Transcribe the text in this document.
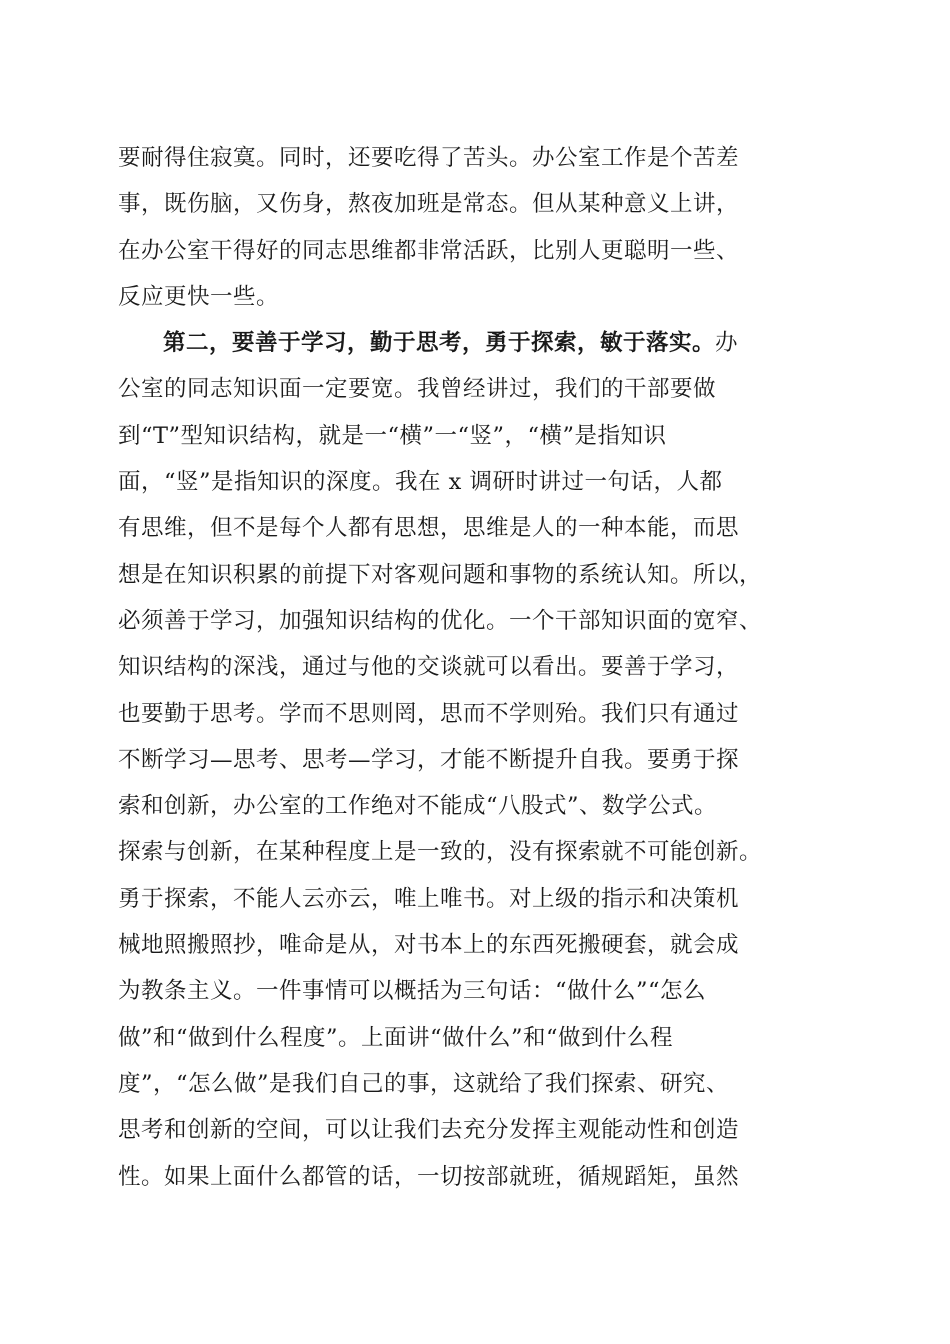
要耐得住寂寞。同时，还要吃得了苦头。办公室工作是个苦差
事，既伤脑，又伤身，熬夜加班是常态。但从某种意义上讲，
在办公室干得好的同志思维都非常活跃，比别人更聪明一些、
反应更快一些。
第二，要善于学习，勤于思考，勇于探索，敏于落实。办
公室的同志知识面一定要宽。我曾经讲过，我们的干部要做
到“T”型知识结构，就是一“横”一“竖”，“横”是指知识
面，“竖”是指知识的深度。我在 x 调研时讲过一句话，人都
有思维，但不是每个人都有思想，思维是人的一种本能，而思
想是在知识积累的前提下对客观问题和事物的系统认知。所以，
必须善于学习，加强知识结构的优化。一个干部知识面的宽窄、
知识结构的深浅，通过与他的交谈就可以看出。要善于学习，
也要勤于思考。学而不思则罔，思而不学则殆。我们只有通过
不断学习—思考、思考—学习，才能不断提升自我。要勇于探
索和创新，办公室的工作绝对不能成“八股式”、数学公式。
探索与创新，在某种程度上是一致的，没有探索就不可能创新。
勇于探索，不能人云亦云，唯上唯书。对上级的指示和决策机
械地照搬照抄，唯命是从，对书本上的东西死搬硬套，就会成
为教条主义。一件事情可以概括为三句话：“做什么”“怎么
做”和“做到什么程度”。上面讲“做什么”和“做到什么程
度”，“怎么做”是我们自己的事，这就给了我们探索、研究、
思考和创新的空间，可以让我们去充分发挥主观能动性和创造
性。如果上面什么都管的话，一切按部就班，循规蹈矩，虽然
